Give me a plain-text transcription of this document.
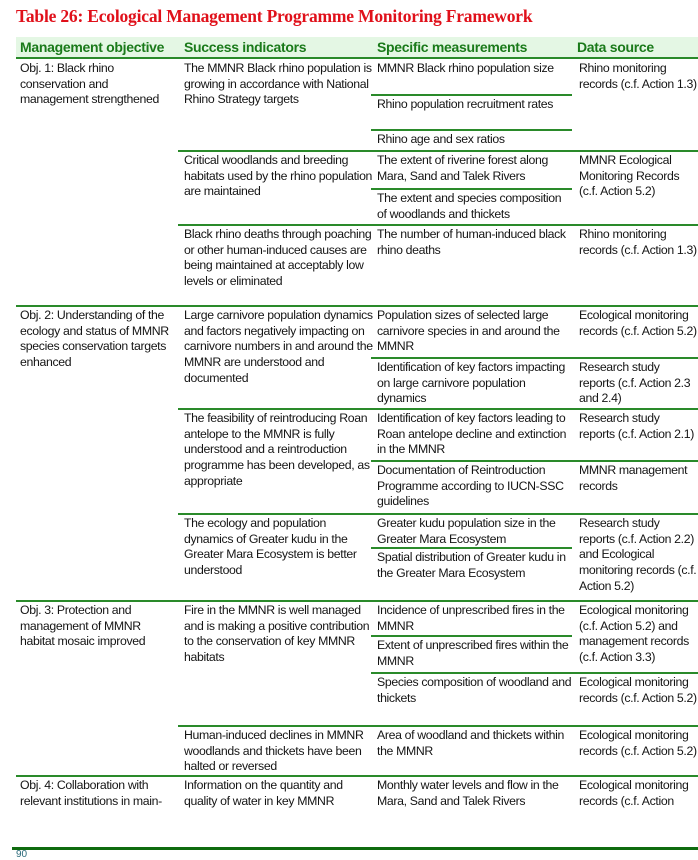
Table 26: Ecological Management Programme Monitoring Framework
Management objective Success indicators	Specific measurements	Data source
Obj. 1: Black rhino conservation and management strengthened
The MMNR Black rhino population is growing in accordance with National Rhino Strategy targets
MMNR Black rhino population size
Rhino population recruitment rates
Rhino age and sex ratios
Rhino monitoring records (c.f. Action 1.3)
Critical woodlands and breeding habitats used by the rhino population are maintained
The extent of riverine forest along Mara, Sand and Talek Rivers
The extent and species composition of woodlands and thickets
MMNR Ecological Monitoring Records (c.f. Action 5.2)
Black rhino deaths through poaching or other human-induced causes are being maintained at acceptably low levels or eliminated
The number of human-induced black rhino deaths
Rhino monitoring records (c.f. Action 1.3)
Obj. 2: Understanding of the ecology and status of MMNR species conservation targets enhanced
Large carnivore population dynamics and factors negatively impacting on carnivore numbers in and around the MMNR are understood and documented
Population sizes of selected large carnivore species in and around the MMNR
Ecological monitoring records (c.f. Action 5.2)
Identification of key factors impacting on large carnivore population dynamics
Research study reports (c.f. Action 2.3 and 2.4)
The feasibility of reintroducing Roan antelope to the MMNR is fully understood and a reintroduction programme has been developed, as appropriate
Identification of key factors leading to Roan antelope decline and extinction in the MMNR
Research study reports (c.f. Action 2.1)
Documentation of Reintroduction Programme according to IUCN-SSC guidelines
MMNR management records
The ecology and population dynamics of Greater kudu in the Greater Mara Ecosystem is better understood
Greater kudu population size in the Greater Mara Ecosystem
Spatial distribution of Greater kudu in the Greater Mara Ecosystem
Research study reports (c.f. Action 2.2) and Ecological monitoring records (c.f. Action 5.2)
Obj. 3: Protection and management of MMNR habitat mosaic improved
Fire in the MMNR is well managed and is making a positive contribution to the conservation of key MMNR habitats
Incidence of unprescribed fires in the MMNR
Extent of unprescribed fires within the MMNR
Ecological monitoring (c.f. Action 5.2) and management records (c.f. Action 3.3)
Species composition of woodland and thickets
Ecological monitoring records (c.f. Action 5.2)
Human-induced declines in MMNR woodlands and thickets have been halted or reversed
Area of woodland and thickets within the MMNR
Ecological monitoring records (c.f. Action 5.2)
Obj. 4: Collaboration with relevant institutions in main-
Information on the quantity and quality of water in key MMNR
Monthly water levels and flow in the Mara, Sand and Talek Rivers
Ecological monitoring records (c.f. Action
90
